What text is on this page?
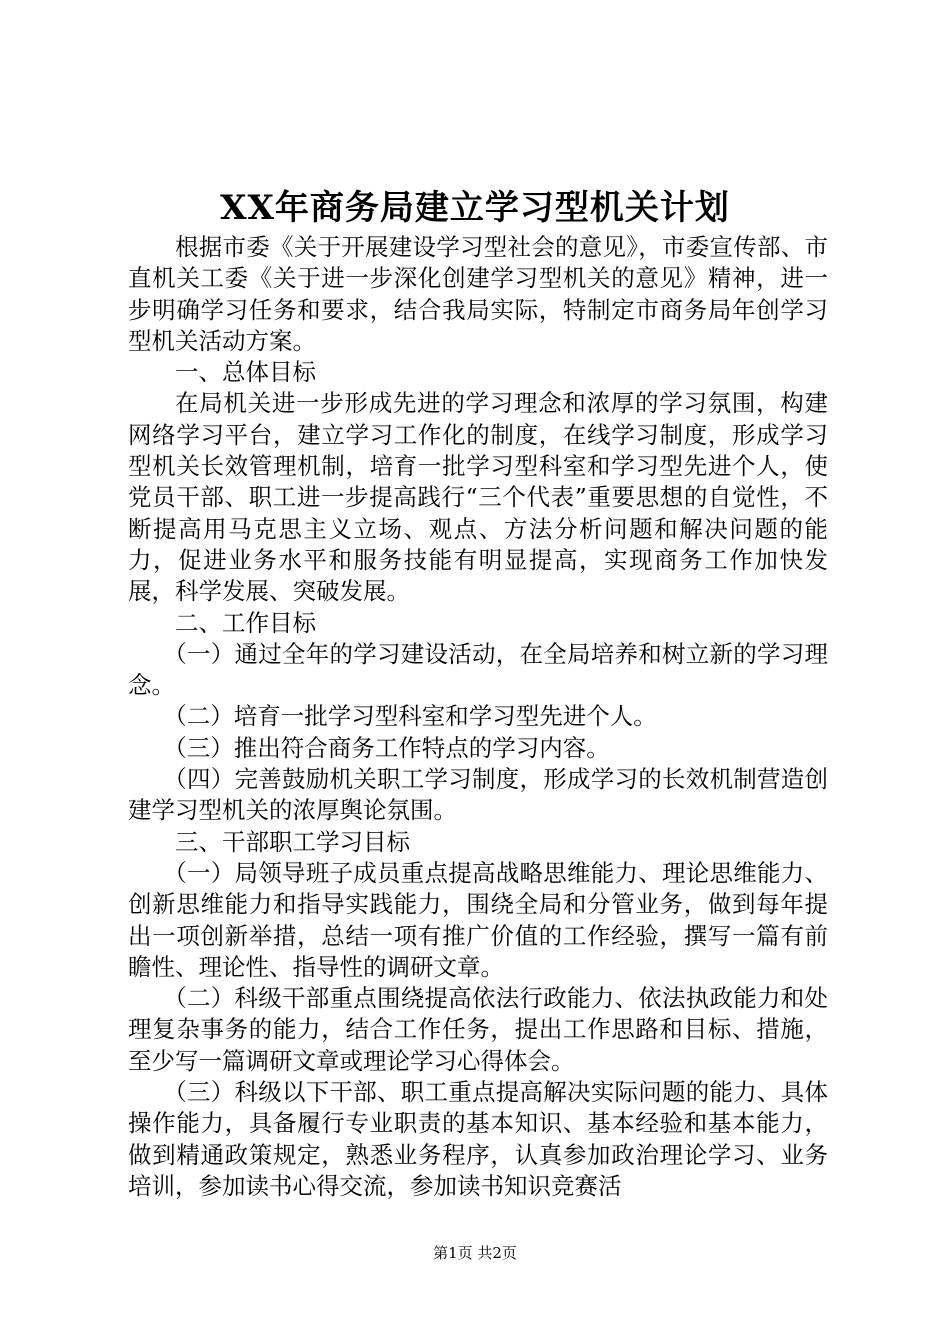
XX年商务局建立学习型机关计划

根据市委《关于开展建设学习型社会的意见》，市委宣传部、市直机关工委《关于进一步深化创建学习型机关的意见》精神，进一步明确学习任务和要求，结合我局实际，特制定市商务局年创学习型机关活动方案。

一、总体目标

在局机关进一步形成先进的学习理念和浓厚的学习氛围，构建网络学习平台，建立学习工作化的制度，在线学习制度，形成学习型机关长效管理机制，培育一批学习型科室和学习型先进个人，使党员干部、职工进一步提高践行“三个代表”重要思想的自觉性，不断提高用马克思主义立场、观点、方法分析问题和解决问题的能力，促进业务水平和服务技能有明显提高，实现商务工作加快发展，科学发展、突破发展。

二、工作目标

（一）通过全年的学习建设活动，在全局培养和树立新的学习理念。

（二）培育一批学习型科室和学习型先进个人。

（三）推出符合商务工作特点的学习内容。

（四）完善鼓励机关职工学习制度，形成学习的长效机制营造创建学习型机关的浓厚舆论氛围。

三、干部职工学习目标

（一）局领导班子成员重点提高战略思维能力、理论思维能力、创新思维能力和指导实践能力，围绕全局和分管业务，做到每年提出一项创新举措，总结一项有推广价值的工作经验，撰写一篇有前瞻性、理论性、指导性的调研文章。

（二）科级干部重点围绕提高依法行政能力、依法执政能力和处理复杂事务的能力，结合工作任务，提出工作思路和目标、措施，至少写一篇调研文章或理论学习心得体会。

（三）科级以下干部、职工重点提高解决实际问题的能力、具体操作能力，具备履行专业职责的基本知识、基本经验和基本能力，做到精通政策规定，熟悉业务程序，认真参加政治理论学习、业务培训，参加读书心得交流，参加读书知识竞赛活

第1页 共2页
